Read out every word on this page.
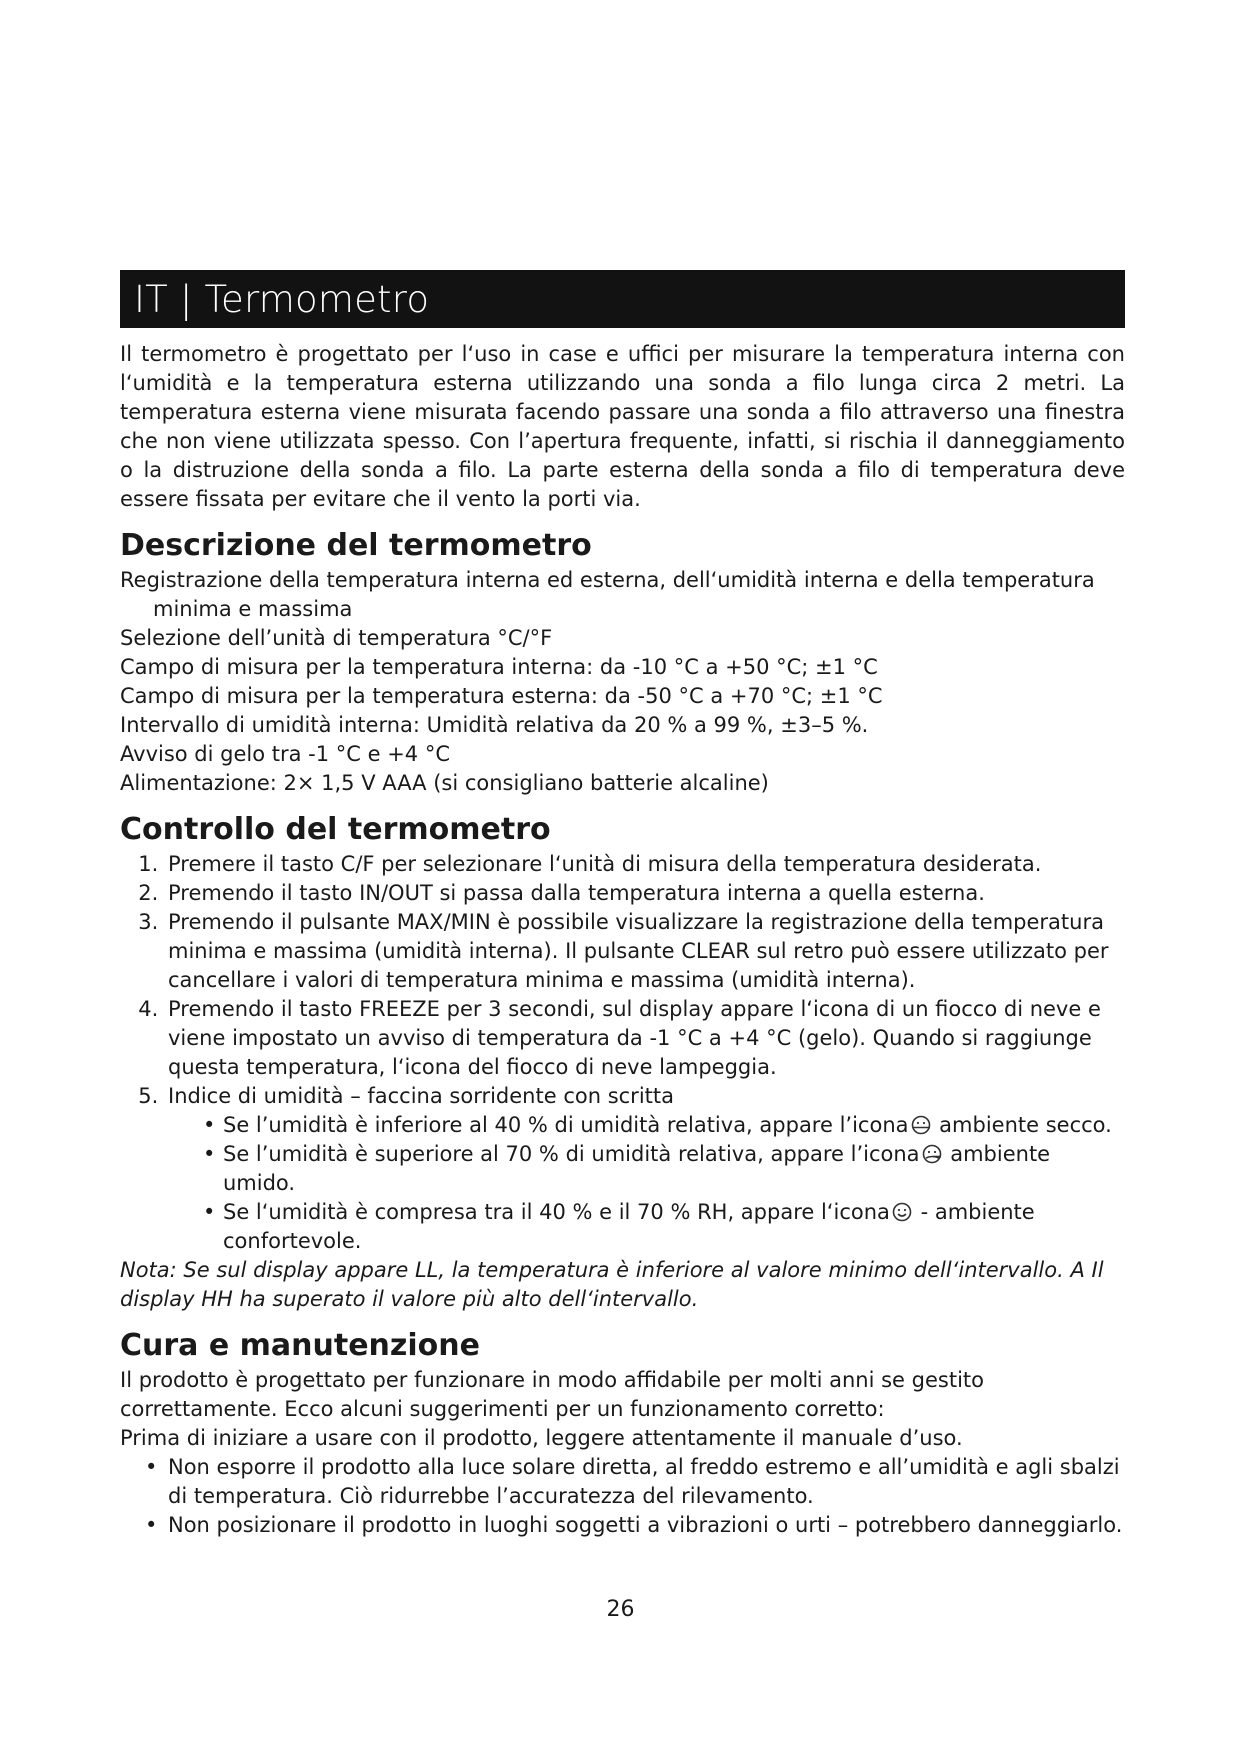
IT | Termometro

Il termometro è progettato per l‘uso in case e uffici per misurare la temperatura interna con l‘umidità e la temperatura esterna utilizzando una sonda a filo lunga circa 2 metri. La temperatura esterna viene misurata facendo passare una sonda a filo attraverso una finestra che non viene utilizzata spesso. Con l’apertura frequente, infatti, si rischia il danneggiamento o la distruzione della sonda a filo. La parte esterna della sonda a filo di temperatura deve essere fissata per evitare che il vento la porti via.

Descrizione del termometro
Registrazione della temperatura interna ed esterna, dell‘umidità interna e della temperatura
minima e massima
Selezione dell’unità di temperatura °C/°F
Campo di misura per la temperatura interna: da -10 °C a +50 °C; ±1 °C
Campo di misura per la temperatura esterna: da -50 °C a +70 °C; ±1 °C
Intervallo di umidità interna: Umidità relativa da 20 % a 99 %, ±3–5 %.
Avviso di gelo tra -1 °C e +4 °C
Alimentazione: 2× 1,5 V AAA (si consigliano batterie alcaline)
Controllo del termometro
1. Premere il tasto C/F per selezionare l‘unità di misura della temperatura desiderata.
2. Premendo il tasto IN/OUT si passa dalla temperatura interna a quella esterna.
3. Premendo il pulsante MAX/MIN è possibile visualizzare la registrazione della temperatura minima e massima (umidità interna). Il pulsante CLEAR sul retro può essere utilizzato per cancellare i valori di temperatura minima e massima (umidità interna).
4. Premendo il tasto FREEZE per 3 secondi, sul display appare l‘icona di un fiocco di neve e viene impostato un avviso di temperatura da -1 °C a +4 °C (gelo). Quando si raggiunge questa temperatura, l‘icona del fiocco di neve lampeggia.
5. Indice di umidità – faccina sorridente con scritta
• Se l’umidità è inferiore al 40 % di umidità relativa, appare l’icona ambiente secco.
• Se l’umidità è superiore al 70 % di umidità relativa, appare l’icona ambiente umido.
• Se l‘umidità è compresa tra il 40 % e il 70 % RH, appare l‘icona - ambiente confortevole.

Nota: Se sul display appare LL, la temperatura è inferiore al valore minimo dell‘intervallo. A Il display HH ha superato il valore più alto dell‘intervallo.

Cura e manutenzione

Il prodotto è progettato per funzionare in modo affidabile per molti anni se gestito correttamente. Ecco alcuni suggerimenti per un funzionamento corretto:

Prima di iniziare a usare con il prodotto, leggere attentamente il manuale d’uso.

• Non esporre il prodotto alla luce solare diretta, al freddo estremo e all’umidità e agli sbalzi di temperatura. Ciò ridurrebbe l’accuratezza del rilevamento.
• Non posizionare il prodotto in luoghi soggetti a vibrazioni o urti – potrebbero danneggiarlo.
26
